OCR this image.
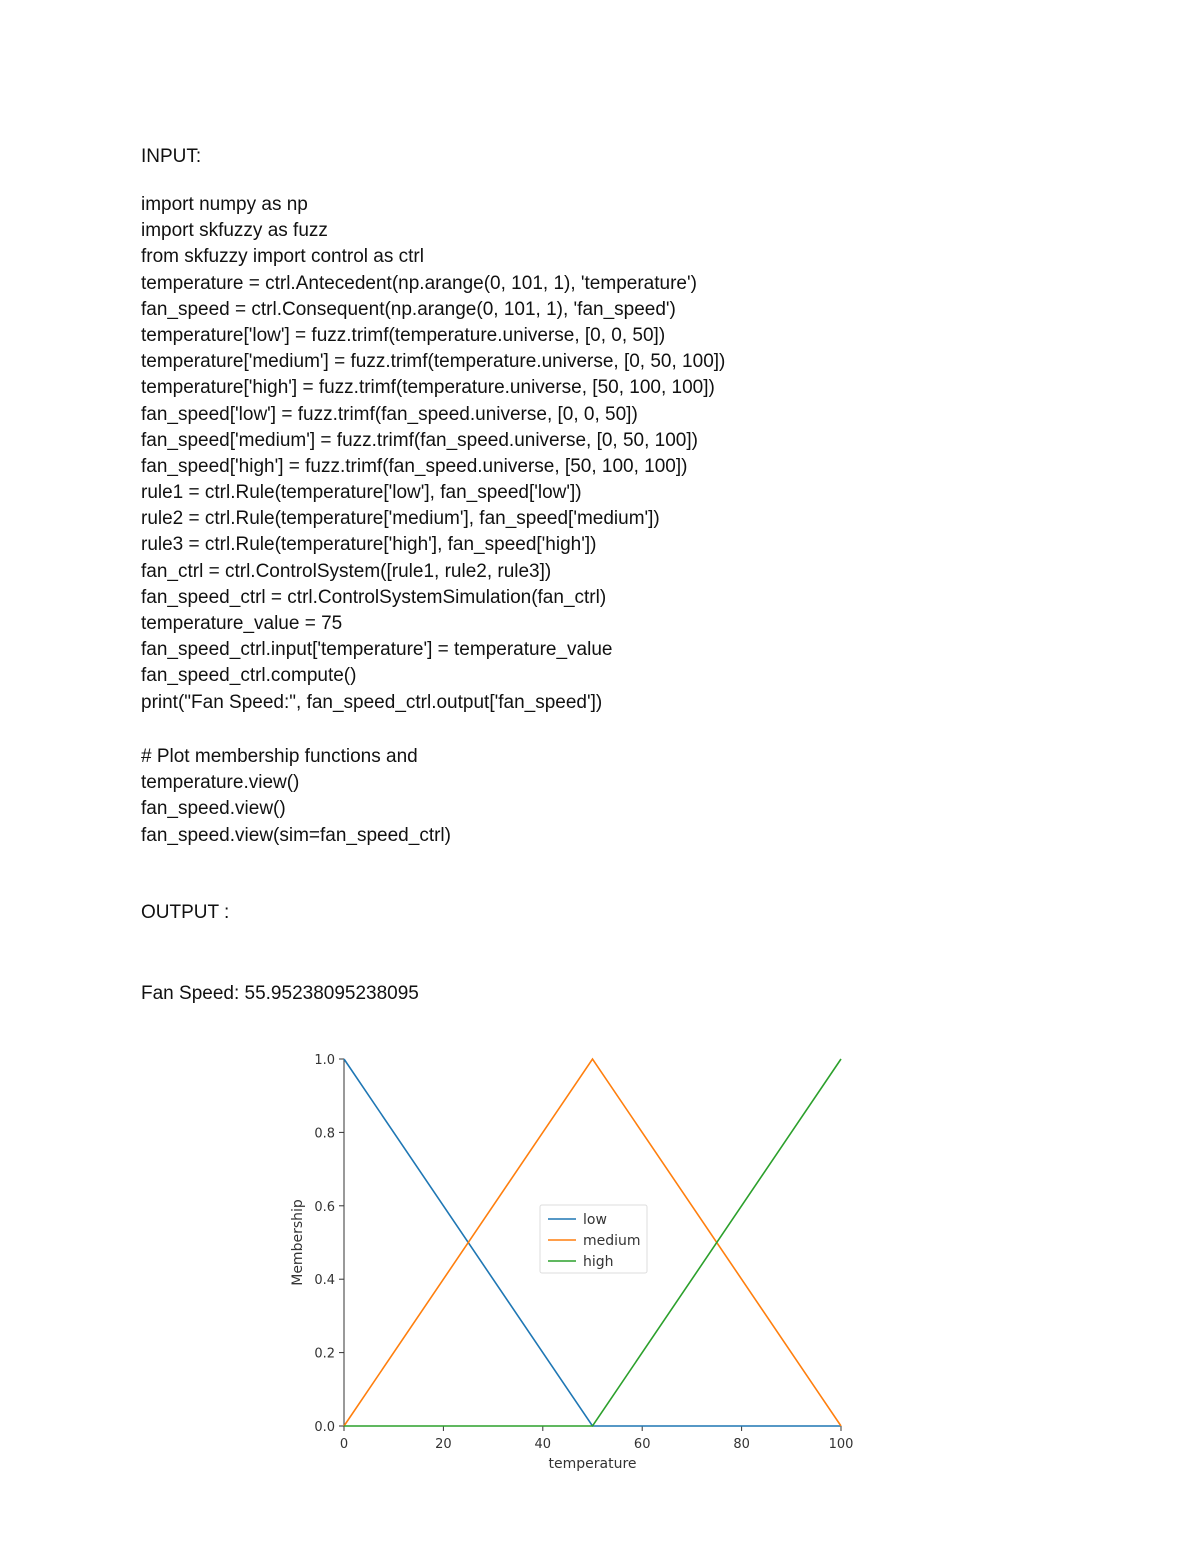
INPUT:
import numpy as np
import skfuzzy as fuzz
from skfuzzy import control as ctrl
temperature = ctrl.Antecedent(np.arange(0, 101, 1), 'temperature')
fan_speed = ctrl.Consequent(np.arange(0, 101, 1), 'fan_speed')
temperature['low'] = fuzz.trimf(temperature.universe, [0, 0, 50])
temperature['medium'] = fuzz.trimf(temperature.universe, [0, 50, 100])
temperature['high'] = fuzz.trimf(temperature.universe, [50, 100, 100])
fan_speed['low'] = fuzz.trimf(fan_speed.universe, [0, 0, 50])
fan_speed['medium'] = fuzz.trimf(fan_speed.universe, [0, 50, 100])
fan_speed['high'] = fuzz.trimf(fan_speed.universe, [50, 100, 100])
rule1 = ctrl.Rule(temperature['low'], fan_speed['low'])
rule2 = ctrl.Rule(temperature['medium'], fan_speed['medium'])
rule3 = ctrl.Rule(temperature['high'], fan_speed['high'])
fan_ctrl = ctrl.ControlSystem([rule1, rule2, rule3])
fan_speed_ctrl = ctrl.ControlSystemSimulation(fan_ctrl)
temperature_value = 75
fan_speed_ctrl.input['temperature'] = temperature_value
fan_speed_ctrl.compute()
print("Fan Speed:", fan_speed_ctrl.output['fan_speed'])
# Plot membership functions and
temperature.view()
fan_speed.view()
fan_speed.view(sim=fan_speed_ctrl)
OUTPUT :
Fan Speed: 55.95238095238095
0	20	40	60	80	100
0.0
0.2
0.4
0.6
0.8
1.0
temperature
Membership	low
medium
high
